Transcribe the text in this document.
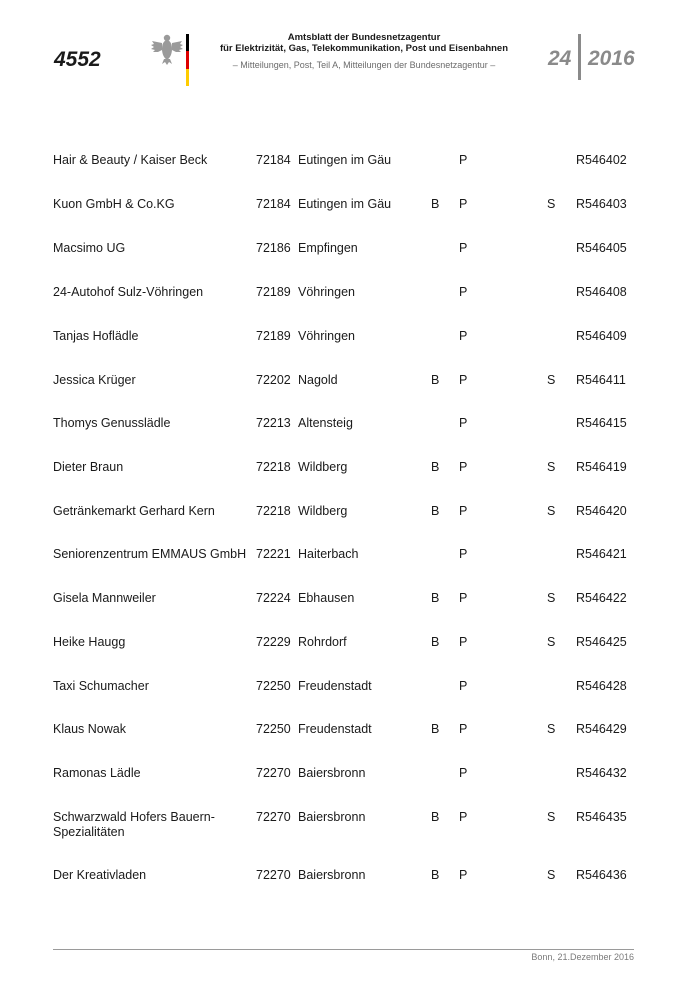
4552
Amtsblatt der Bundesnetzagentur
für Elektrizität, Gas, Telekommunikation, Post und Eisenbahnen
– Mitteilungen, Post, Teil A, Mitteilungen der Bundesnetzagentur –	24 2016
Hair & Beauty / Kaiser Beck	72184 Eutingen im Gäu	P	R546402
Kuon GmbH & Co.KG	72184 Eutingen im Gäu	B P	S R546403
Macsimo UG	72186 Empfingen	P	R546405
24-Autohof Sulz-Vöhringen	72189 Vöhringen	P	R546408
Tanjas Hoflädle	72189 Vöhringen	P	R546409
Jessica Krüger	72202 Nagold	B P	S R546411
Thomys Genusslädle	72213 Altensteig	P	R546415
Dieter Braun	72218 Wildberg	B P	S R546419
Getränkemarkt Gerhard Kern	72218 Wildberg	B P	S R546420
Seniorenzentrum EMMAUS GmbH 72221 Haiterbach	P	R546421
Gisela Mannweiler	72224 Ebhausen	B P	S R546422
Heike Haugg	72229 Rohrdorf	B P	S R546425
Taxi Schumacher	72250 Freudenstadt	P	R546428
Klaus Nowak	72250 Freudenstadt	B P	S R546429
Ramonas Lädle	72270 Baiersbronn	P	R546432
Schwarzwald Hofers Bauern-Spezialitäten
72270 Baiersbronn	B P	S R546435
Der Kreativladen	72270 Baiersbronn	B P	S R546436
Bonn, 21.Dezember 2016
